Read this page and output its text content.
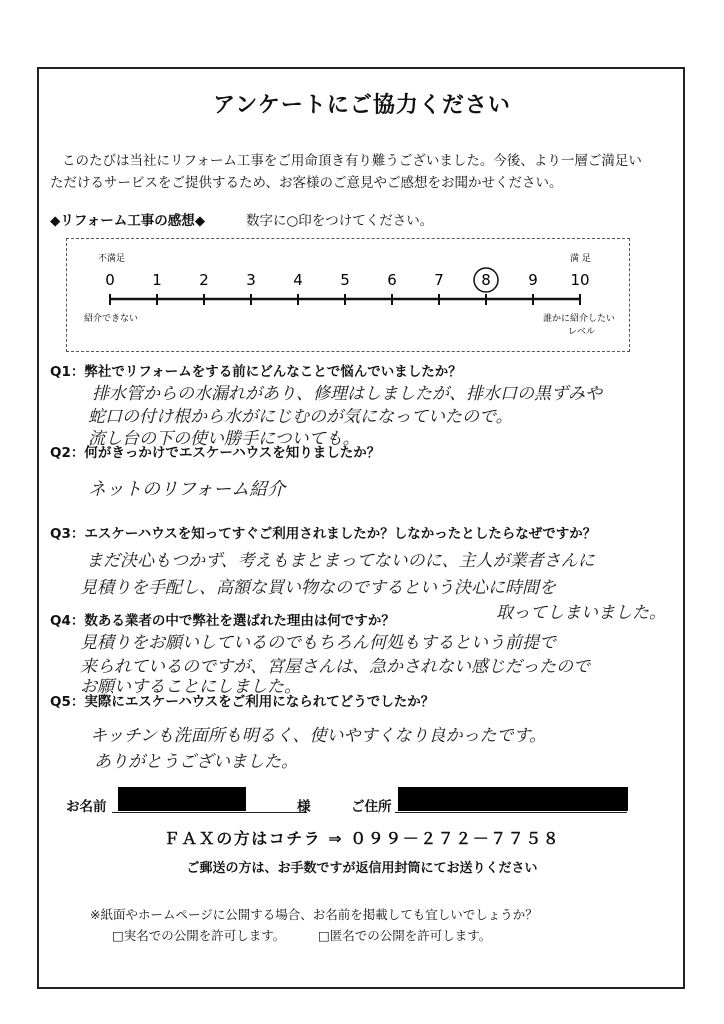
アンケートにご協力ください
このたびは当社にリフォーム工事をご用命頂き有り難うございました。今後、より一層ご満足い
ただけるサービスをご提供するため、お客様のご意見やご感想をお聞かせください。
◆リフォーム工事の感想◆	数字に○印をつけてください。
0 1 2 3 4 5 6 7 8 9 10
不満足	満 足
紹介できない	誰かに紹介したい
レベル
Q1：弊社でリフォームをする前にどんなことで悩んでいましたか？
排水管からの水漏れがあり、修理はしましたが、排水口の黒ずみや
蛇口の付け根から水がにじむのが気になっていたので。
流し台の下の使い勝手についても。
Q2：何がきっかけでエスケーハウスを知りましたか？
ネットのリフォーム紹介
Q3：エスケーハウスを知ってすぐご利用されましたか？しなかったとしたらなぜですか？
まだ決心もつかず、考えもまとまってないのに、主人が業者さんに
見積りを手配し、高額な買い物なのでするという決心に時間を
取ってしまいました。
Q4：数ある業者の中で弊社を選ばれた理由は何ですか？
見積りをお願いしているのでもちろん何処もするという前提で
来られているのですが、宮屋さんは、急かされない感じだったので
お願いすることにしました。
Q5：実際にエスケーハウスをご利用になられてどうでしたか？
キッチンも洗面所も明るく、使いやすくなり良かったです。
ありがとうございました。
お名前	様	ご住所
ＦＡＸの方はコチラ ⇒ ０９９－２７２－７７５８
ご郵送の方は、お手数ですが返信用封筒にてお送りください
※紙面やホームページに公開する場合、お名前を掲載しても宜しいでしょうか？
□実名での公開を許可します。	□匿名での公開を許可します。
